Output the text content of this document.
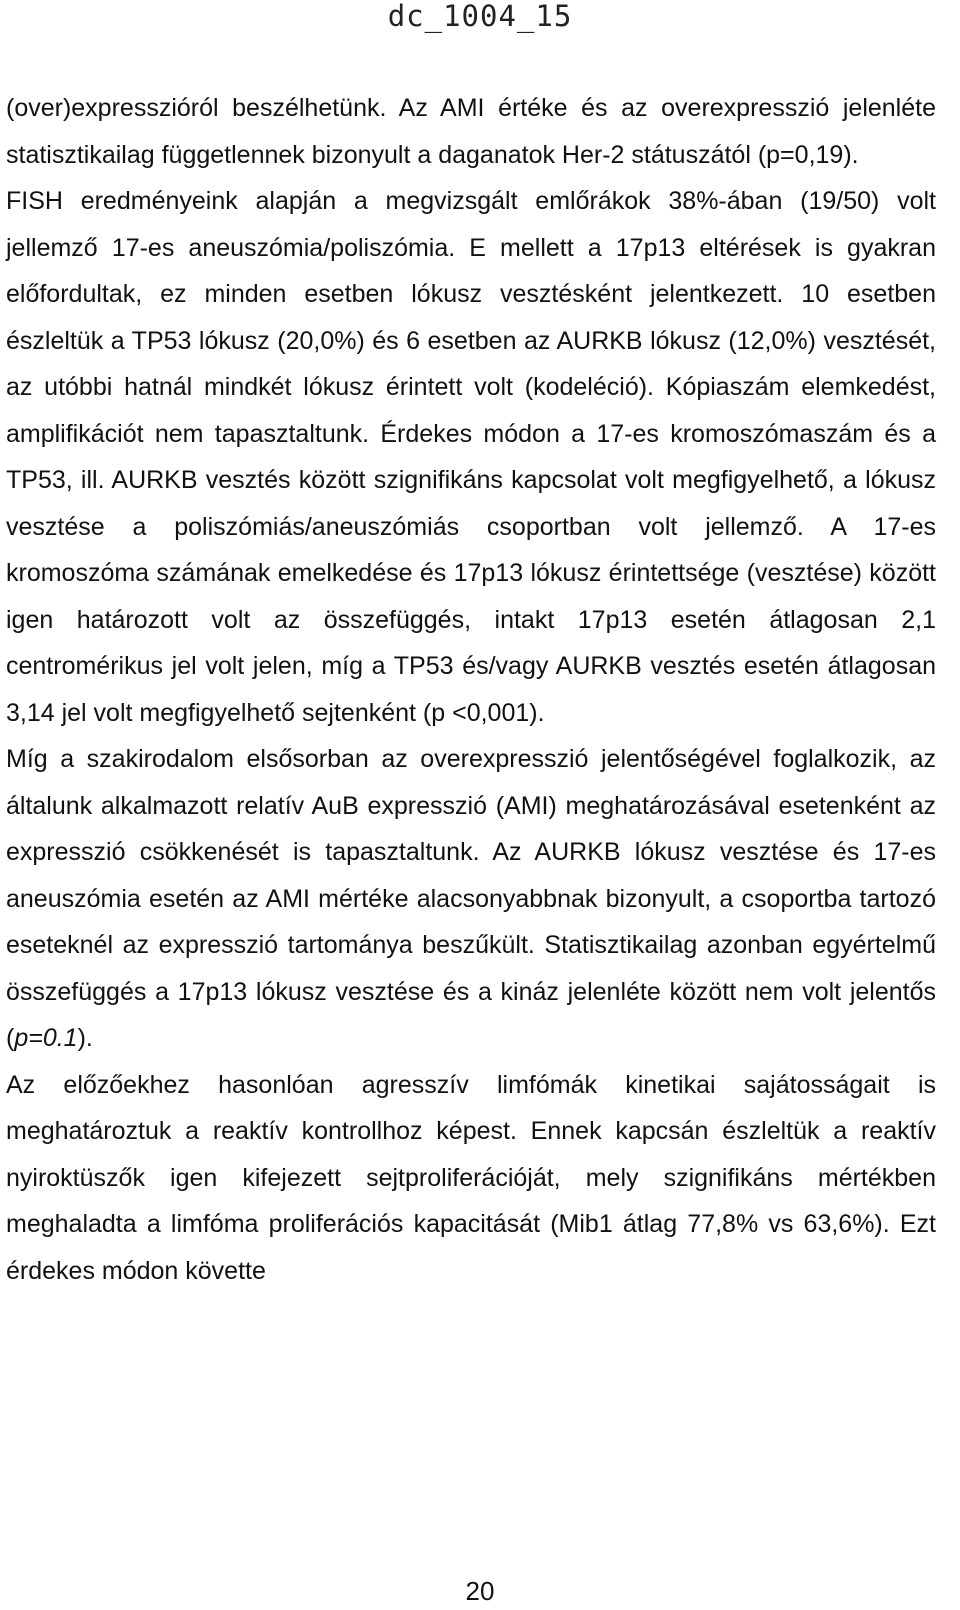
dc_1004_15

(over)expresszióról beszélhetünk. Az AMI értéke és az overexpresszió jelenléte statisztikailag függetlennek bizonyult a daganatok Her-2 státuszától (p=0,19).

FISH eredményeink alapján a megvizsgált emlőrákok 38%-ában (19/50) volt jellemző 17-es aneuszómia/poliszómia. E mellett a 17p13 eltérések is gyakran előfordultak, ez minden esetben lókusz vesztésként jelentkezett. 10 esetben észleltük a TP53 lókusz (20,0%) és 6 esetben az AURKB lókusz (12,0%) vesztését, az utóbbi hatnál mindkét lókusz érintett volt (kodeléció). Kópiaszám elemkedést, amplifikációt nem tapasztaltunk. Érdekes módon a 17-es kromoszómaszám és a TP53, ill. AURKB vesztés között szignifikáns kapcsolat volt megfigyelhető, a lókusz vesztése a poliszómiás/aneuszómiás csoportban volt jellemző. A 17-es kromoszóma számának emelkedése és 17p13 lókusz érintettsége (vesztése) között igen határozott volt az összefüggés, intakt 17p13 esetén átlagosan 2,1 centromérikus jel volt jelen, míg a TP53 és/vagy AURKB vesztés esetén átlagosan 3,14 jel volt megfigyelhető sejtenként (p <0,001).

Míg a szakirodalom elsősorban az overexpresszió jelentőségével foglalkozik, az általunk alkalmazott relatív AuB expresszió (AMI) meghatározásával esetenként az expresszió csökkenését is tapasztaltunk. Az AURKB lókusz vesztése és 17-es aneuszómia esetén az AMI mértéke alacsonyabbnak bizonyult, a csoportba tartozó eseteknél az expresszió tartománya beszűkült. Statisztikailag azonban egyértelmű összefüggés a 17p13 lókusz vesztése és a kináz jelenléte között nem volt jelentős (p=0.1).

Az előzőekhez hasonlóan agresszív limfómák kinetikai sajátosságait is meghatároztuk a reaktív kontrollhoz képest. Ennek kapcsán észleltük a reaktív nyiroktüszők igen kifejezett sejtproliferációját, mely szignifikáns mértékben meghaladta a limfóma proliferációs kapacitását (Mib1 átlag 77,8% vs 63,6%). Ezt érdekes módon követte

20
